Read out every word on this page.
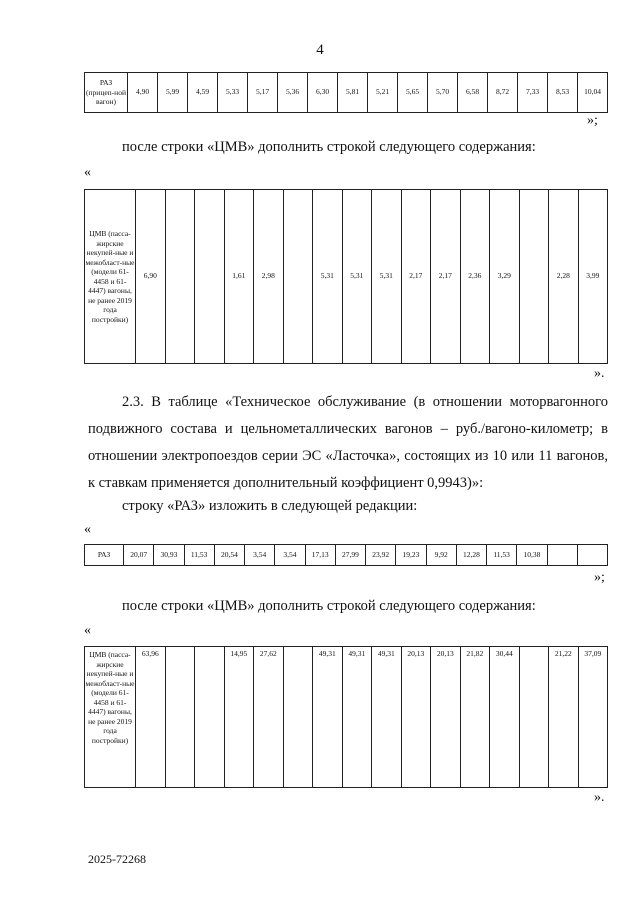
4
РАЗ (прицеп-ной вагон)	4,90	5,99	4,59	5,33	5,17	5,36	6,30	5,81	5,21	5,65	5,70	6,58	8,72	7,33	8,53	10,04
»;
после строки «ЦМВ» дополнить строкой следующего содержания:
«
ЦМВ (пасса-жирские некупей-ные и межобласт-ные (модели 61-4458 и 61-4447) вагоны, не ранее 2019 года постройки)	6,90			1,61	2,98		5,31	5,31	5,31	2,17	2,17	2,36	3,29		2,28	3,99
».
2.3. В таблице «Техническое обслуживание (в отношении моторвагонного подвижного состава и цельнометаллических вагонов – руб./вагоно-километр; в отношении электропоездов серии ЭС «Ласточка», состоящих из 10 или 11 вагонов, к ставкам применяется дополнительный коэффициент 0,9943)»:
строку «РАЗ» изложить в следующей редакции:
«
РАЗ	20,07	30,93	11,53	20,54	3,54	3,54	17,13	27,99	23,92	19,23	9,92	12,28	11,53	10,38		
»;
после строки «ЦМВ» дополнить строкой следующего содержания:
«
ЦМВ (пасса-жирские некупей-ные и межобласт-ные (модели 61-4458 и 61-4447) вагоны, не ранее 2019 года постройки)	63,96			14,95	27,62		49,31	49,31	49,31	20,13	20,13	21,82	30,44		21,22	37,09
».
2025-72268
